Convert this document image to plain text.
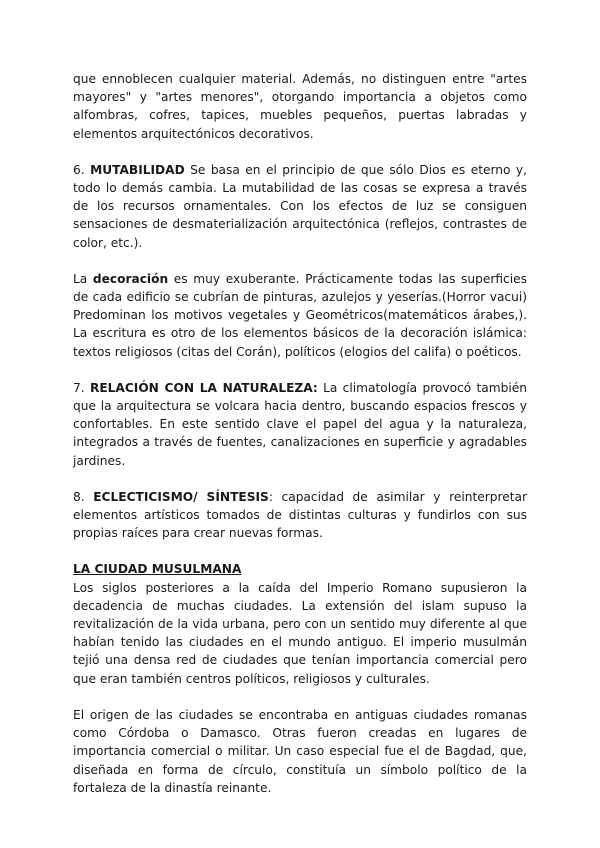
que ennoblecen cualquier material. Además, no distinguen entre "artes mayores" y "artes menores", otorgando importancia a objetos como alfombras, cofres, tapices, muebles pequeños, puertas labradas y elementos arquitectónicos decorativos.

6. MUTABILIDAD Se basa en el principio de que sólo Dios es eterno y, todo lo demás cambia. La mutabilidad de las cosas se expresa a través de los recursos ornamentales. Con los efectos de luz se consiguen sensaciones de desmaterialización arquitectónica (reflejos, contrastes de color, etc.).

La decoración es muy exuberante. Prácticamente todas las superficies de cada edificio se cubrían de pinturas, azulejos y yeserías.(Horror vacui) Predominan los motivos vegetales y Geométricos(matemáticos árabes,). La escritura es otro de los elementos básicos de la decoración islámica: textos religiosos (citas del Corán), políticos (elogios del califa) o poéticos.

7. RELACIÓN CON LA NATURALEZA: La climatología provocó también que la arquitectura se volcara hacia dentro, buscando espacios frescos y confortables. En este sentido clave el papel del agua y la naturaleza, integrados a través de fuentes, canalizaciones en superficie y agradables jardines.

8. ECLECTICISMO/ SÍNTESIS: capacidad de asimilar y reinterpretar elementos artísticos tomados de distintas culturas y fundirlos con sus propias raíces para crear nuevas formas.

LA CIUDAD MUSULMANA

Los siglos posteriores a la caída del Imperio Romano supusieron la decadencia de muchas ciudades. La extensión del islam supuso la revitalización de la vida urbana, pero con un sentido muy diferente al que habían tenido las ciudades en el mundo antiguo. El imperio musulmán tejió una densa red de ciudades que tenían importancia comercial pero que eran también centros políticos, religiosos y culturales.

El origen de las ciudades se encontraba en antiguas ciudades romanas como Córdoba o Damasco. Otras fueron creadas en lugares de importancia comercial o militar. Un caso especial fue el de Bagdad, que, diseñada en forma de círculo, constituía un símbolo político de la fortaleza de la dinastía reinante.
